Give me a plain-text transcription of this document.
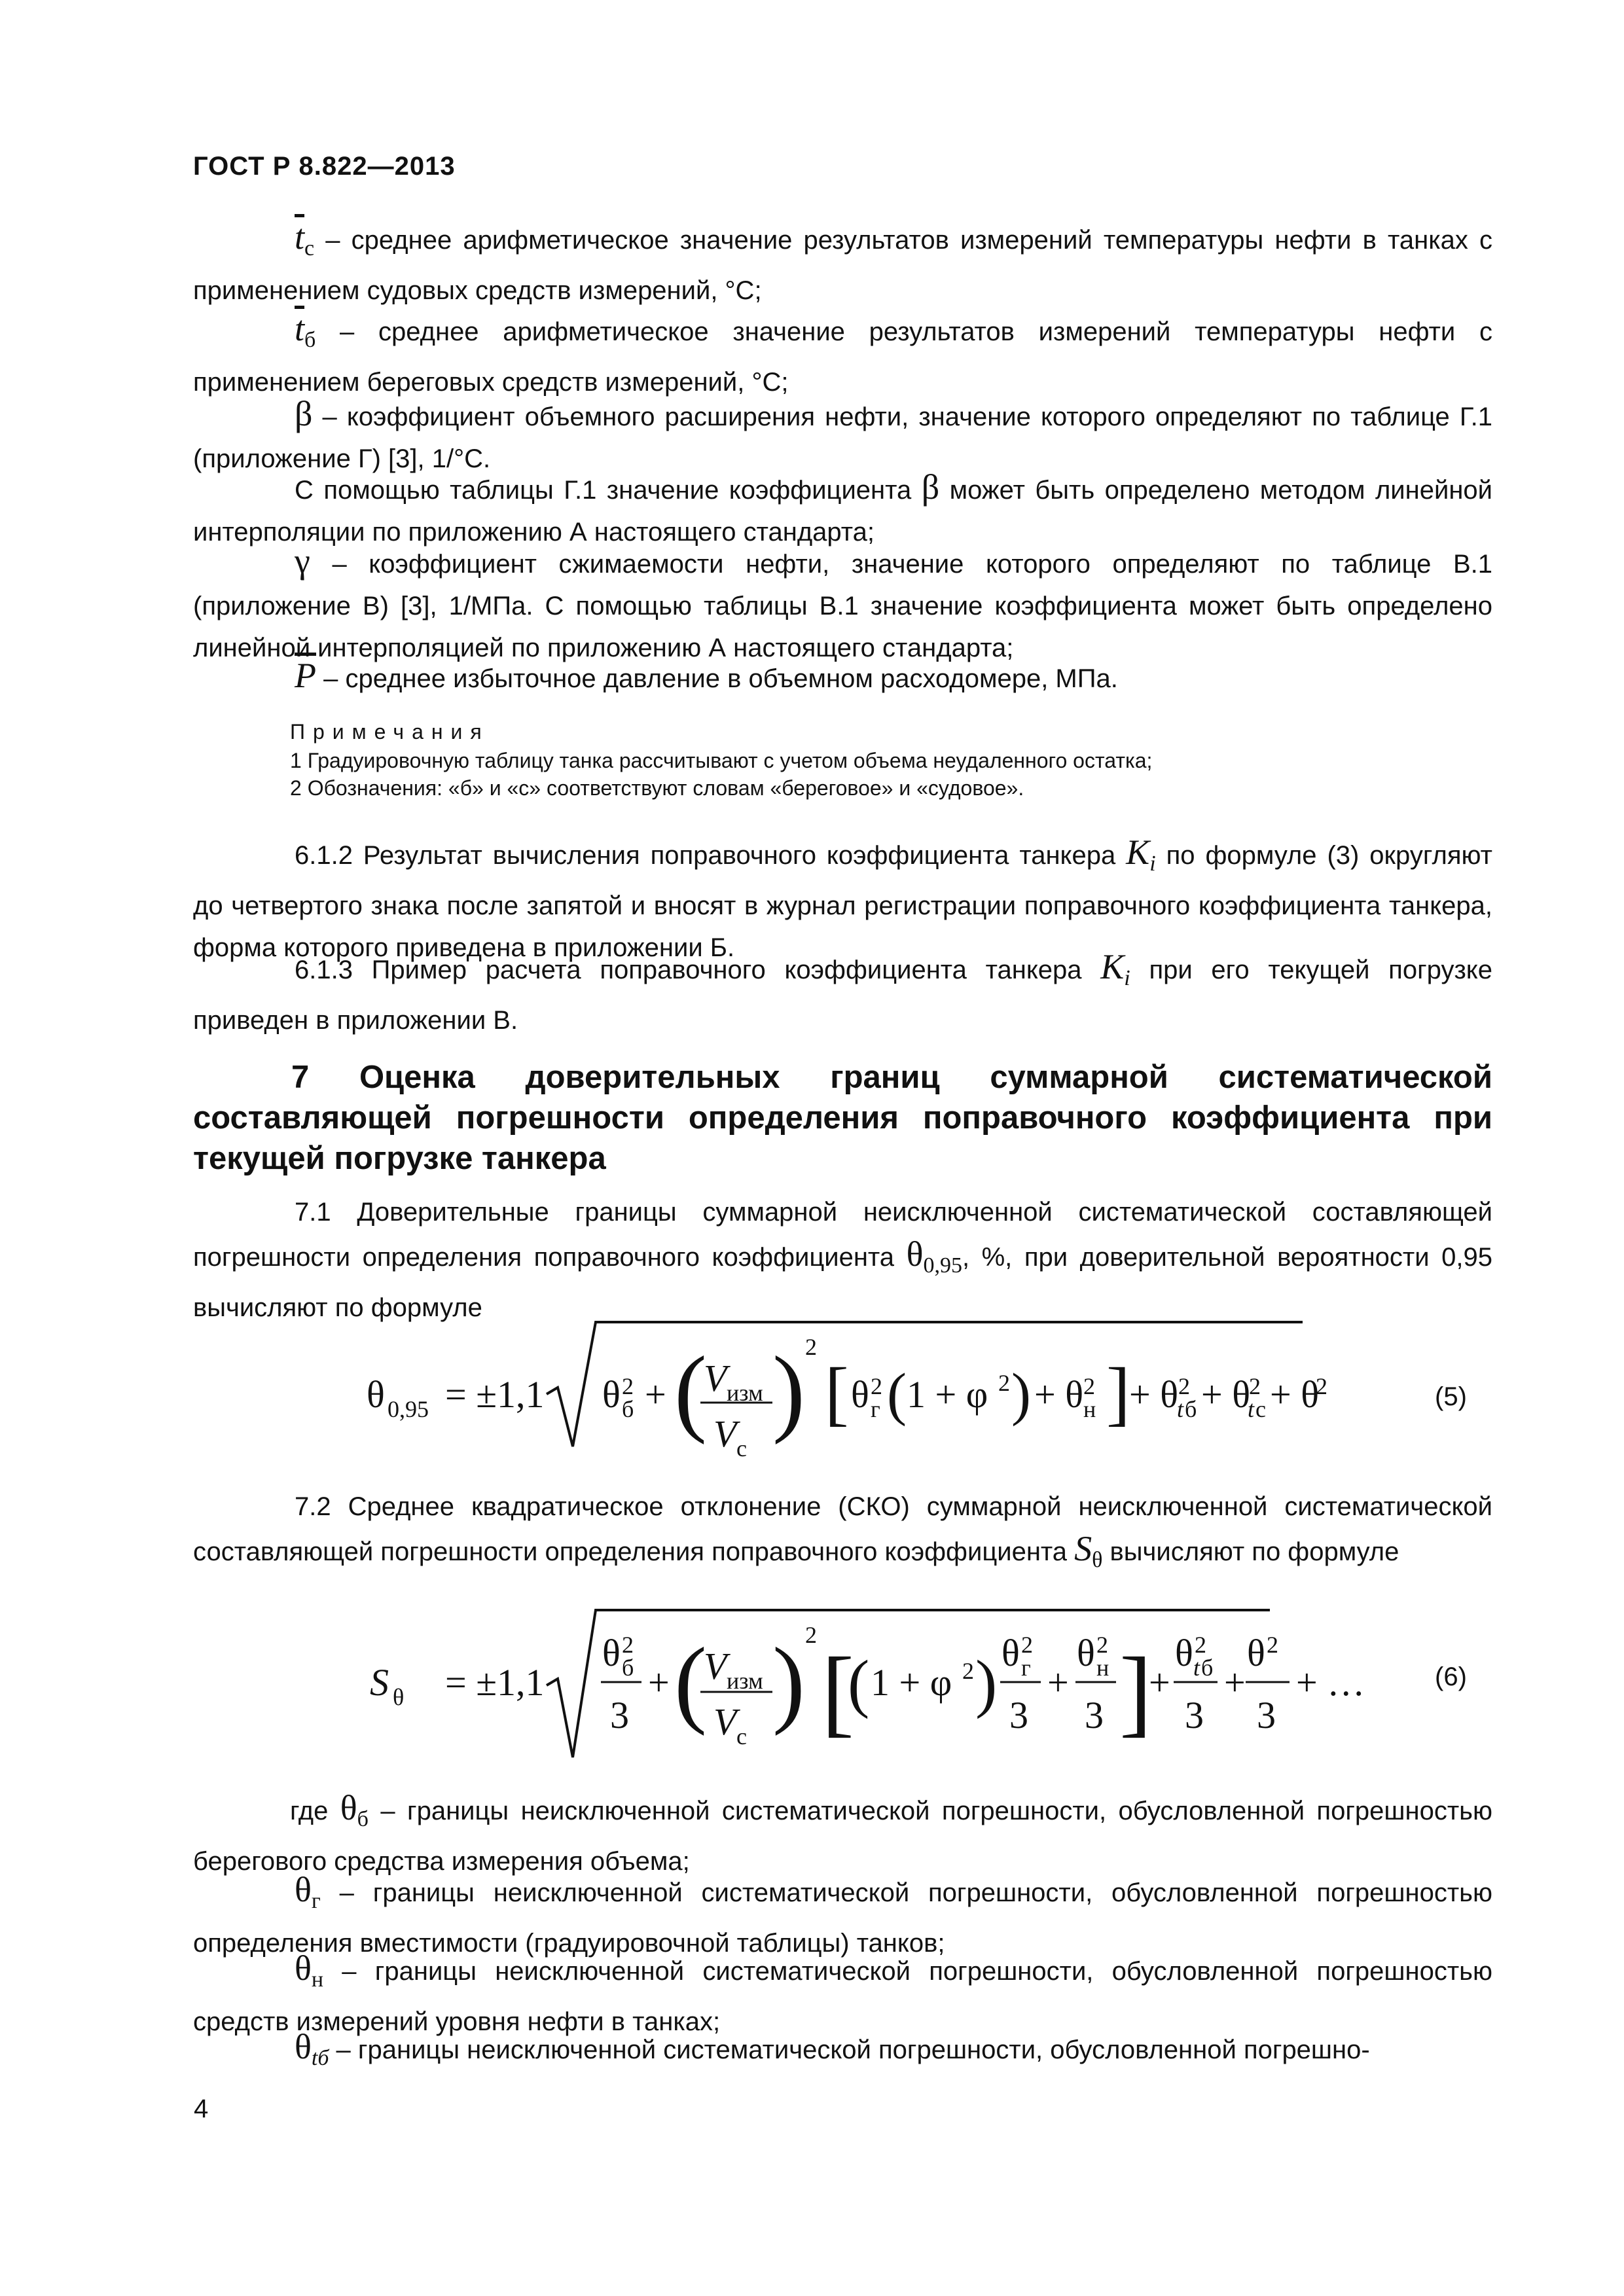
ГОСТ Р 8.822—2013
$\overline{t}_с$ – среднее арифметическое значение результатов измерений температуры нефти в танках с применением судовых средств измерений, °С;
$\overline{t}_б$ – среднее арифметическое значение результатов измерений температуры нефти с применением береговых средств измерений, °С;
β – коэффициент объемного расширения нефти, значение которого определяют по таблице Г.1 (приложение Г) [3], 1/°С.
С помощью таблицы Г.1 значение коэффициента β может быть определено методом линейной интерполяции по приложению А настоящего стандарта;
γ – коэффициент сжимаемости нефти, значение которого определяют по таблице В.1 (приложение В) [3], 1/МПа. С помощью таблицы В.1 значение коэффициента может быть определено линейной интерполяцией по приложению А настоящего стандарта;
$\overline{P}$ – среднее избыточное давление в объемном расходомере, МПа.
Примечания
1 Градуировочную таблицу танка рассчитывают с учетом объема неудаленного остатка;
2 Обозначения: «б» и «с» соответствуют словам «береговое» и «судовое».
6.1.2 Результат вычисления поправочного коэффициента танкера $K_i$ по формуле (3) округляют до четвертого знака после запятой и вносят в журнал регистрации поправочного коэффициента танкера, форма которого приведена в приложении Б.
6.1.3 Пример расчета поправочного коэффициента танкера $K_i$ при его текущей погрузке приведен в приложении В.
7 Оценка доверительных границ суммарной систематической составляющей погрешности определения поправочного коэффициента при текущей погрузке танкера
7.1 Доверительные границы суммарной неисключенной систематической составляющей погрешности определения поправочного коэффициента $\theta_{0,95}$, %, при доверительной вероятности 0,95 вычисляют по формуле
θ 0,95 = ±1,1 θ 2
б + (
V изм
V с
) 2
[ θ 2
г ( 1 + φ 2 ) + θ 2
н ]
+ θ 2
t б + θ
2
t с + θ
2	(5)
7.2 Среднее квадратическое отклонение (СКО) суммарной неисключенной систематической составляющей погрешности определения поправочного коэффициента $S_\theta$ вычисляют по формуле
S θ = ±1,1
θ 2
б
3
+ (
V изм
V с ) 2
[
( 1 + φ 2 ) θ 2
г
3
+
θ 2
н
3 ]
+
θ 2
t б
3
+
θ 2
3
+ …	(6)
где $\theta_б$ – границы неисключенной систематической погрешности, обусловленной погрешностью берегового средства измерения объема;
$\theta_г$ – границы неисключенной систематической погрешности, обусловленной погрешностью определения вместимости (градуировочной таблицы) танков;
$\theta_н$ – границы неисключенной систематической погрешности, обусловленной погрешностью средств измерений уровня нефти в танках;
$\theta_{tб}$ – границы неисключенной систематической погрешности, обусловленной погрешно-
4
